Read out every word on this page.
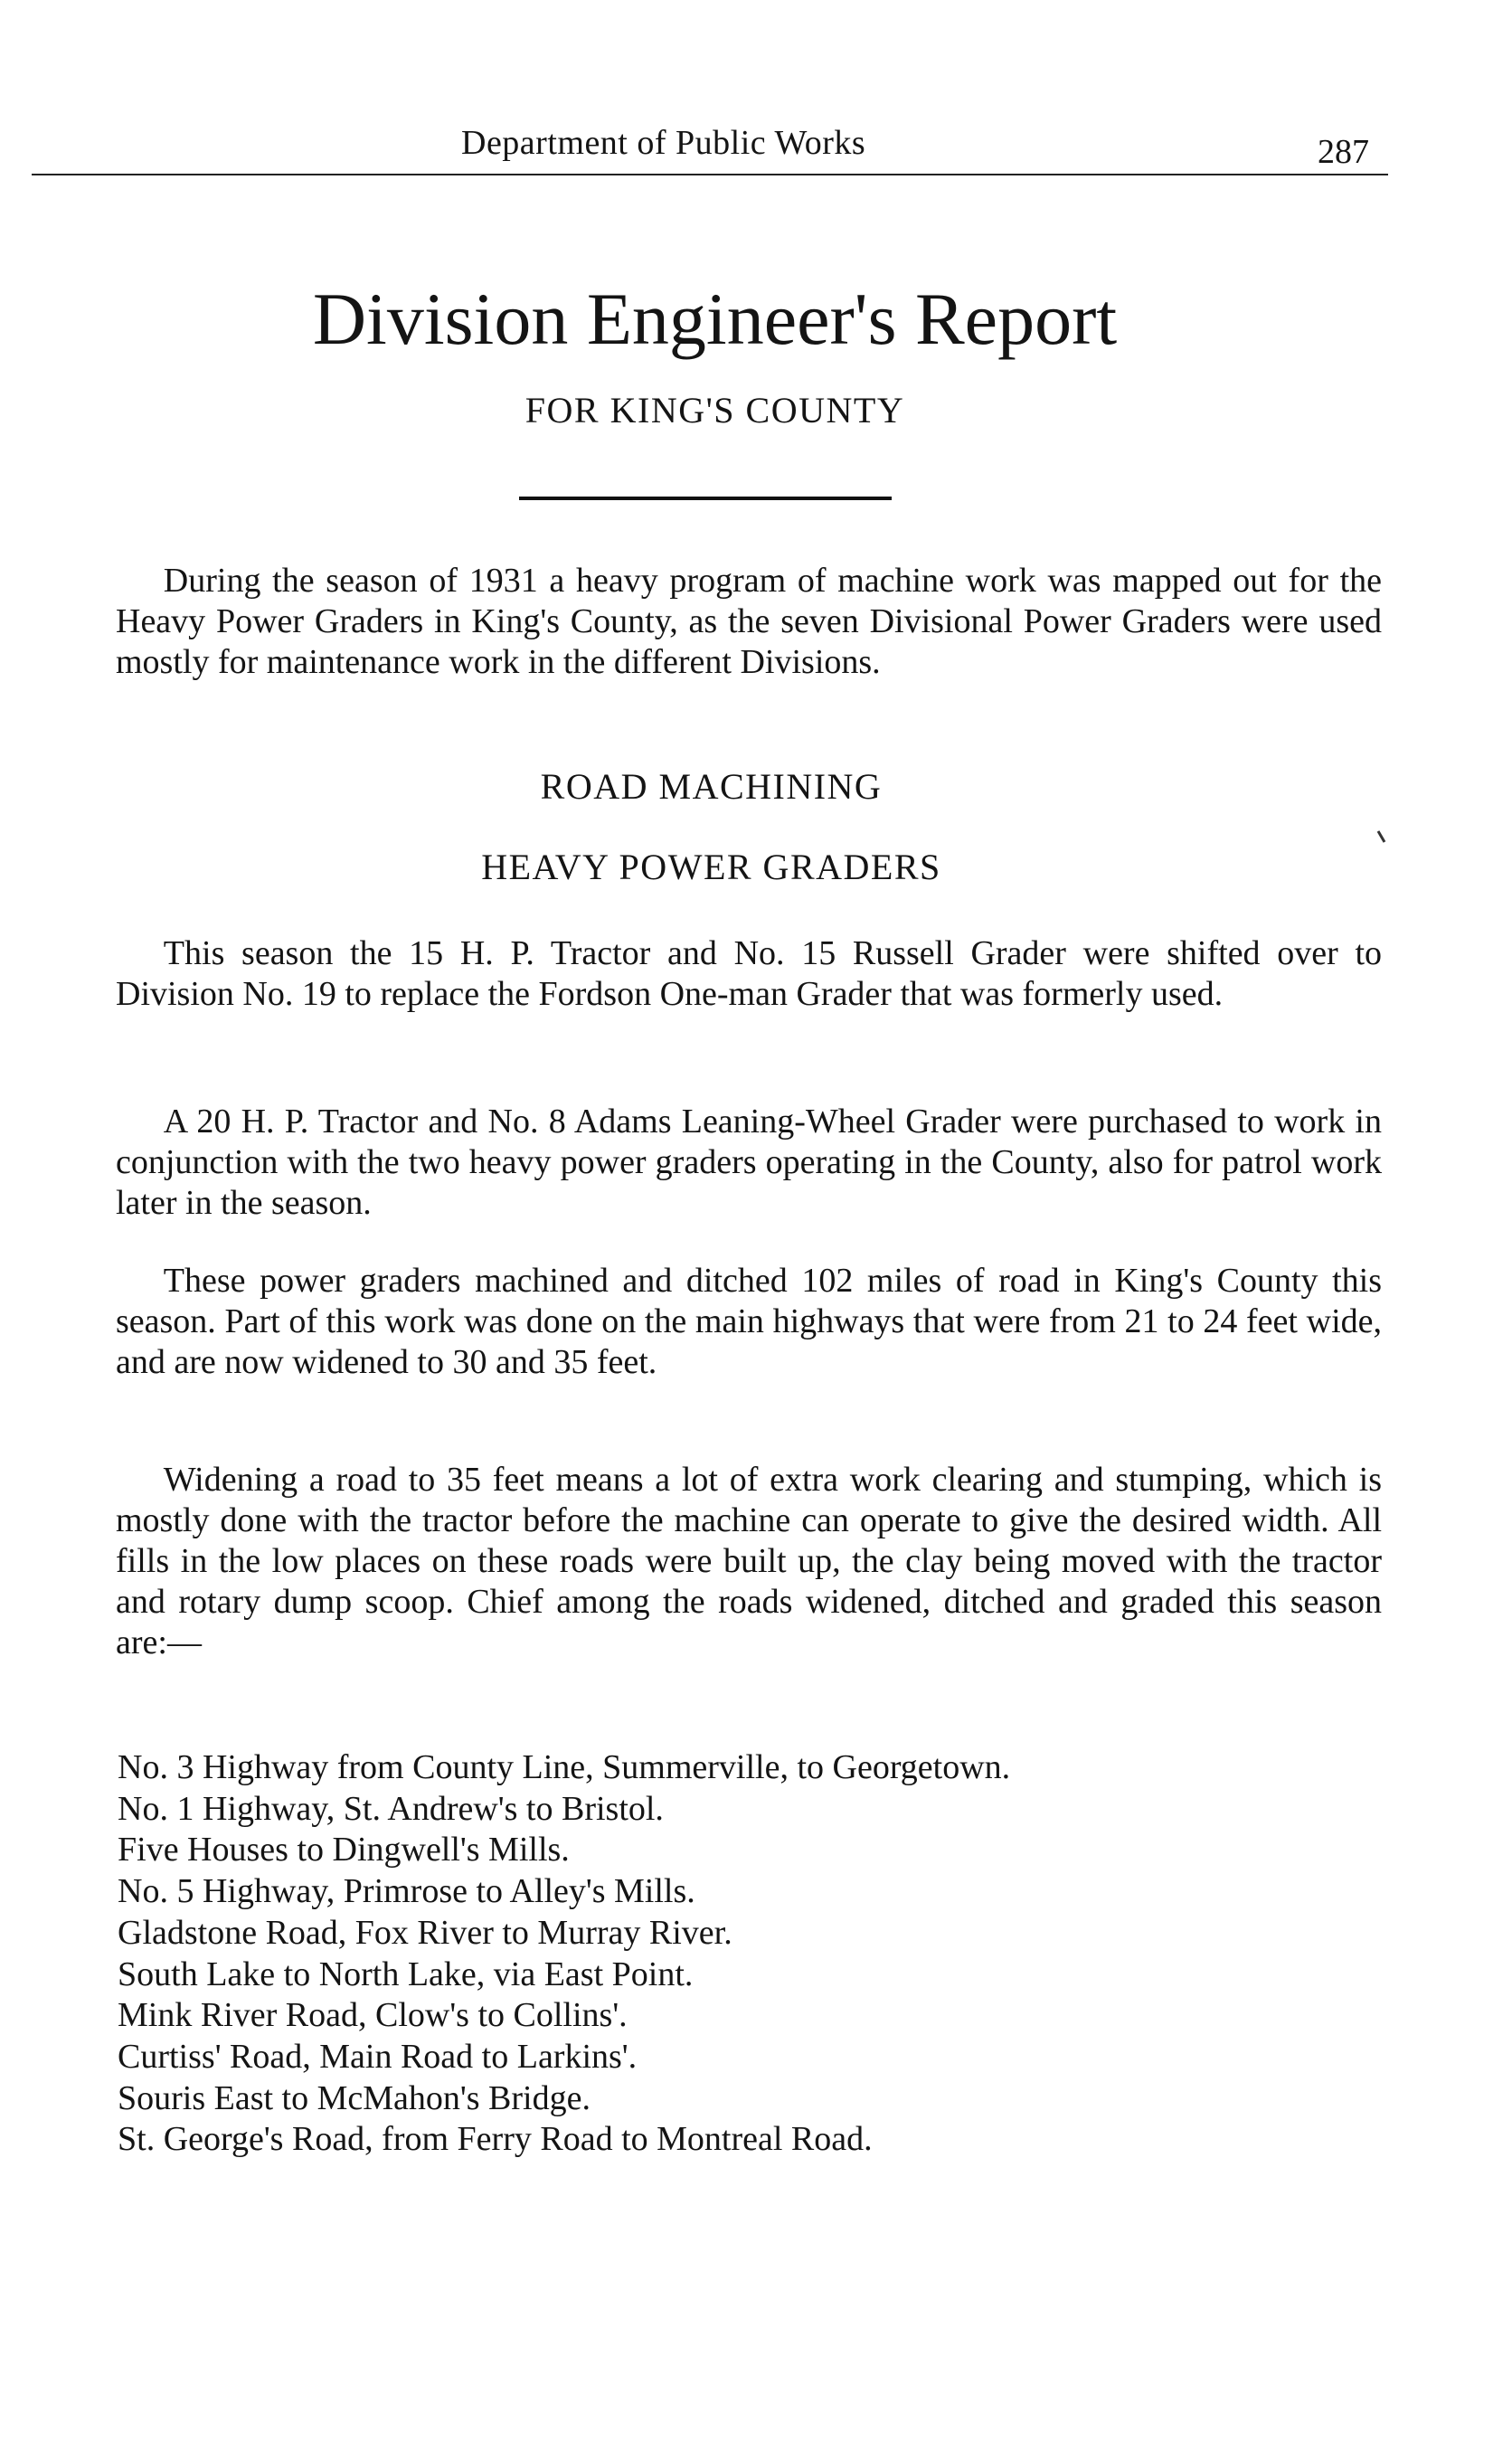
Department of Public Works	287
Division Engineer's Report
FOR KING'S COUNTY

During the season of 1931 a heavy program of machine work was mapped out for the Heavy Power Graders in King's County, as the seven Divisional Power Graders were used mostly for maintenance work in the different Divisions.

ROAD MACHINING
HEAVY POWER GRADERS

This season the 15 H. P. Tractor and No. 15 Russell Grader were shifted over to Division No. 19 to replace the Fordson One-man Grader that was formerly used.

A 20 H. P. Tractor and No. 8 Adams Leaning-Wheel Grader were purchased to work in conjunction with the two heavy power graders operating in the County, also for patrol work later in the season.

These power graders machined and ditched 102 miles of road in King's County this season. Part of this work was done on the main highways that were from 21 to 24 feet wide, and are now widened to 30 and 35 feet.

Widening a road to 35 feet means a lot of extra work clearing and stumping, which is mostly done with the tractor before the machine can operate to give the desired width. All fills in the low places on these roads were built up, the clay being moved with the tractor and rotary dump scoop. Chief among the roads widened, ditched and graded this season are:—

No. 3 Highway from County Line, Summerville, to Georgetown.
No. 1 Highway, St. Andrew's to Bristol.
Five Houses to Dingwell's Mills.
No. 5 Highway, Primrose to Alley's Mills.
Gladstone Road, Fox River to Murray River.
South Lake to North Lake, via East Point.
Mink River Road, Clow's to Collins'.
Curtiss' Road, Main Road to Larkins'.
Souris East to McMahon's Bridge.
St. George's Road, from Ferry Road to Montreal Road.
